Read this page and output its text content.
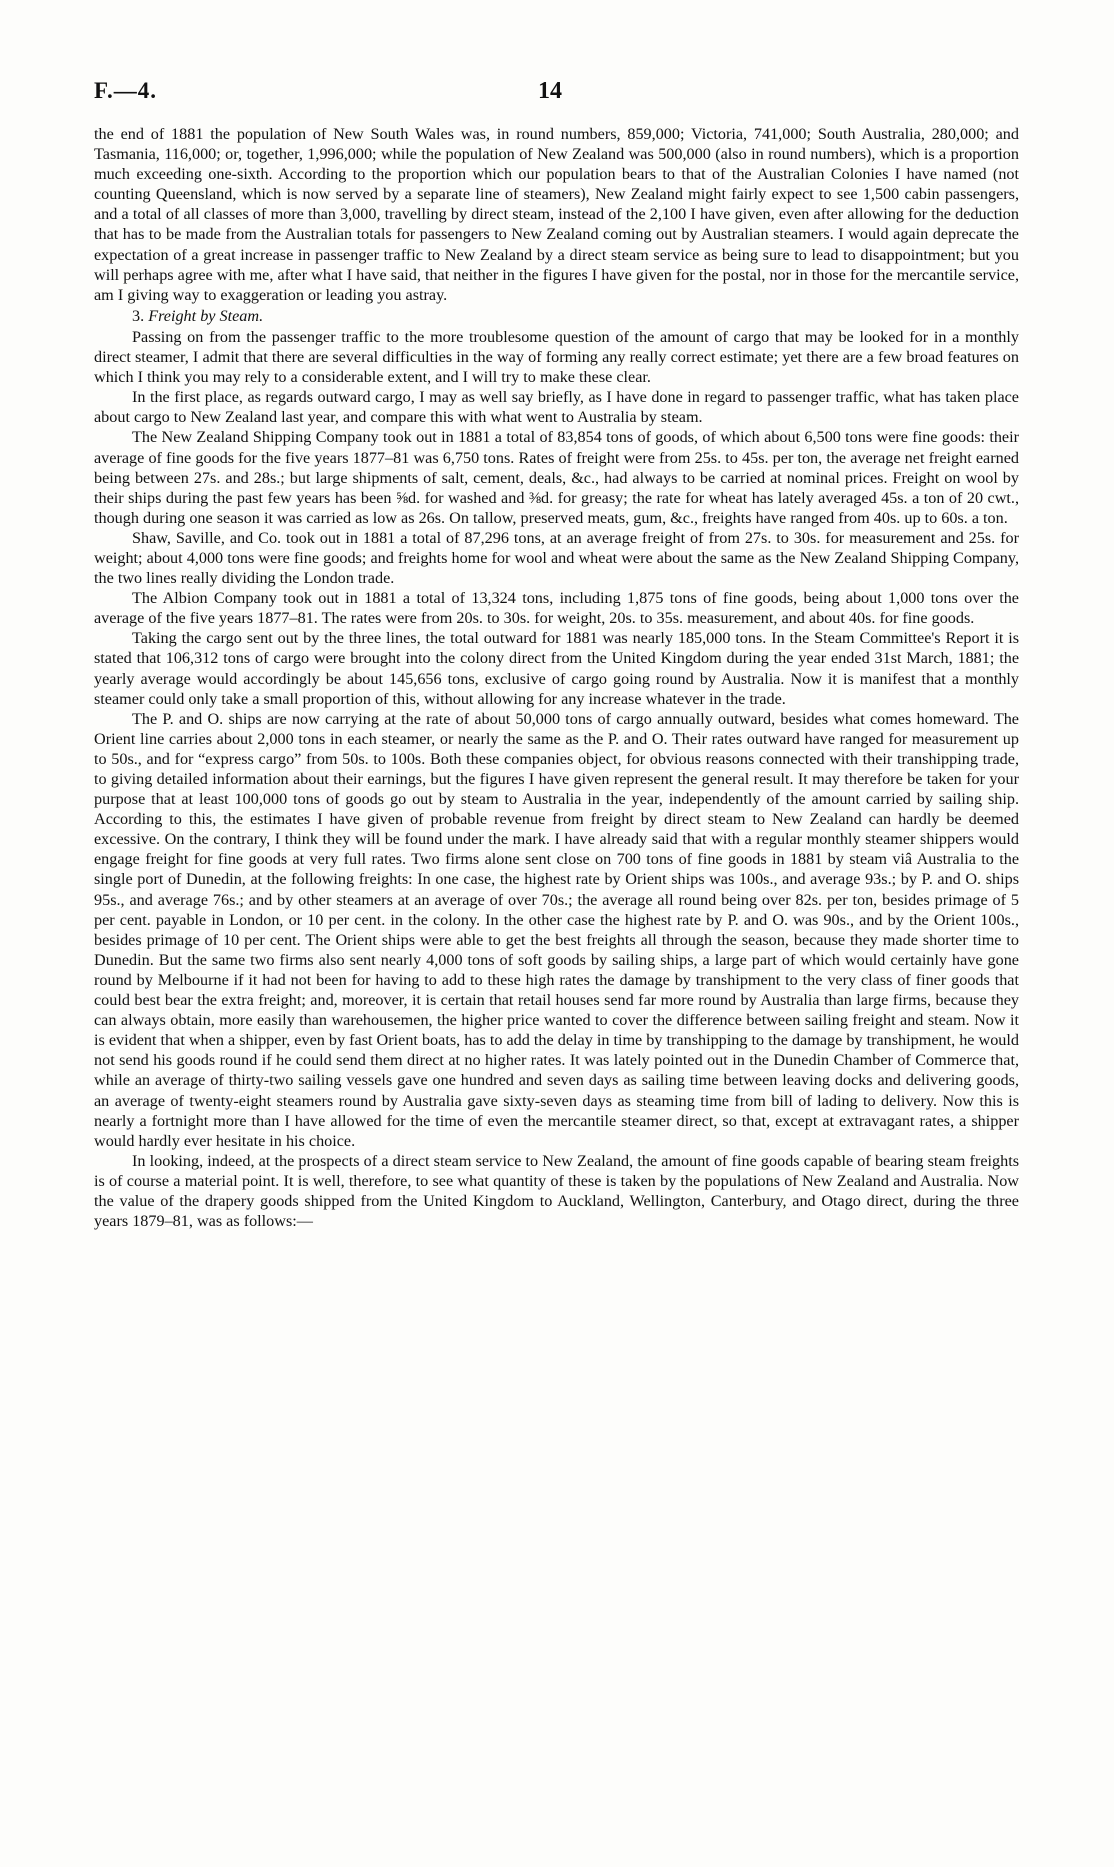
F.—4.	14

the end of 1881 the population of New South Wales was, in round numbers, 859,000; Victoria, 741,000; South Australia, 280,000; and Tasmania, 116,000; or, together, 1,996,000; while the population of New Zealand was 500,000 (also in round numbers), which is a proportion much exceeding one-sixth. According to the proportion which our population bears to that of the Australian Colonies I have named (not counting Queensland, which is now served by a separate line of steamers), New Zealand might fairly expect to see 1,500 cabin passengers, and a total of all classes of more than 3,000, travelling by direct steam, instead of the 2,100 I have given, even after allowing for the deduction that has to be made from the Australian totals for passengers to New Zealand coming out by Australian steamers. I would again deprecate the expectation of a great increase in passenger traffic to New Zealand by a direct steam service as being sure to lead to disappointment; but you will perhaps agree with me, after what I have said, that neither in the figures I have given for the postal, nor in those for the mercantile service, am I giving way to exaggeration or leading you astray.

3. Freight by Steam.

Passing on from the passenger traffic to the more troublesome question of the amount of cargo that may be looked for in a monthly direct steamer, I admit that there are several difficulties in the way of forming any really correct estimate; yet there are a few broad features on which I think you may rely to a considerable extent, and I will try to make these clear.

In the first place, as regards outward cargo, I may as well say briefly, as I have done in regard to passenger traffic, what has taken place about cargo to New Zealand last year, and compare this with what went to Australia by steam.

The New Zealand Shipping Company took out in 1881 a total of 83,854 tons of goods, of which about 6,500 tons were fine goods: their average of fine goods for the five years 1877–81 was 6,750 tons. Rates of freight were from 25s. to 45s. per ton, the average net freight earned being between 27s. and 28s.; but large shipments of salt, cement, deals, &c., had always to be carried at nominal prices. Freight on wool by their ships during the past few years has been ⅝d. for washed and ⅜d. for greasy; the rate for wheat has lately averaged 45s. a ton of 20 cwt., though during one season it was carried as low as 26s. On tallow, preserved meats, gum, &c., freights have ranged from 40s. up to 60s. a ton.

Shaw, Saville, and Co. took out in 1881 a total of 87,296 tons, at an average freight of from 27s. to 30s. for measurement and 25s. for weight; about 4,000 tons were fine goods; and freights home for wool and wheat were about the same as the New Zealand Shipping Company, the two lines really dividing the London trade.

The Albion Company took out in 1881 a total of 13,324 tons, including 1,875 tons of fine goods, being about 1,000 tons over the average of the five years 1877–81. The rates were from 20s. to 30s. for weight, 20s. to 35s. measurement, and about 40s. for fine goods.

Taking the cargo sent out by the three lines, the total outward for 1881 was nearly 185,000 tons. In the Steam Committee's Report it is stated that 106,312 tons of cargo were brought into the colony direct from the United Kingdom during the year ended 31st March, 1881; the yearly average would accordingly be about 145,656 tons, exclusive of cargo going round by Australia. Now it is manifest that a monthly steamer could only take a small proportion of this, without allowing for any increase whatever in the trade.

The P. and O. ships are now carrying at the rate of about 50,000 tons of cargo annually outward, besides what comes homeward. The Orient line carries about 2,000 tons in each steamer, or nearly the same as the P. and O. Their rates outward have ranged for measurement up to 50s., and for “express cargo” from 50s. to 100s. Both these companies object, for obvious reasons connected with their transhipping trade, to giving detailed information about their earnings, but the figures I have given represent the general result. It may therefore be taken for your purpose that at least 100,000 tons of goods go out by steam to Australia in the year, independently of the amount carried by sailing ship. According to this, the estimates I have given of probable revenue from freight by direct steam to New Zealand can hardly be deemed excessive. On the contrary, I think they will be found under the mark. I have already said that with a regular monthly steamer shippers would engage freight for fine goods at very full rates. Two firms alone sent close on 700 tons of fine goods in 1881 by steam viâ Australia to the single port of Dunedin, at the following freights: In one case, the highest rate by Orient ships was 100s., and average 93s.; by P. and O. ships 95s., and average 76s.; and by other steamers at an average of over 70s.; the average all round being over 82s. per ton, besides primage of 5 per cent. payable in London, or 10 per cent. in the colony. In the other case the highest rate by P. and O. was 90s., and by the Orient 100s., besides primage of 10 per cent. The Orient ships were able to get the best freights all through the season, because they made shorter time to Dunedin. But the same two firms also sent nearly 4,000 tons of soft goods by sailing ships, a large part of which would certainly have gone round by Melbourne if it had not been for having to add to these high rates the damage by transhipment to the very class of finer goods that could best bear the extra freight; and, moreover, it is certain that retail houses send far more round by Australia than large firms, because they can always obtain, more easily than warehousemen, the higher price wanted to cover the difference between sailing freight and steam. Now it is evident that when a shipper, even by fast Orient boats, has to add the delay in time by transhipping to the damage by transhipment, he would not send his goods round if he could send them direct at no higher rates. It was lately pointed out in the Dunedin Chamber of Commerce that, while an average of thirty-two sailing vessels gave one hundred and seven days as sailing time between leaving docks and delivering goods, an average of twenty-eight steamers round by Australia gave sixty-seven days as steaming time from bill of lading to delivery. Now this is nearly a fortnight more than I have allowed for the time of even the mercantile steamer direct, so that, except at extravagant rates, a shipper would hardly ever hesitate in his choice.

In looking, indeed, at the prospects of a direct steam service to New Zealand, the amount of fine goods capable of bearing steam freights is of course a material point. It is well, therefore, to see what quantity of these is taken by the populations of New Zealand and Australia. Now the value of the drapery goods shipped from the United Kingdom to Auckland, Wellington, Canterbury, and Otago direct, during the three years 1879–81, was as follows:—
